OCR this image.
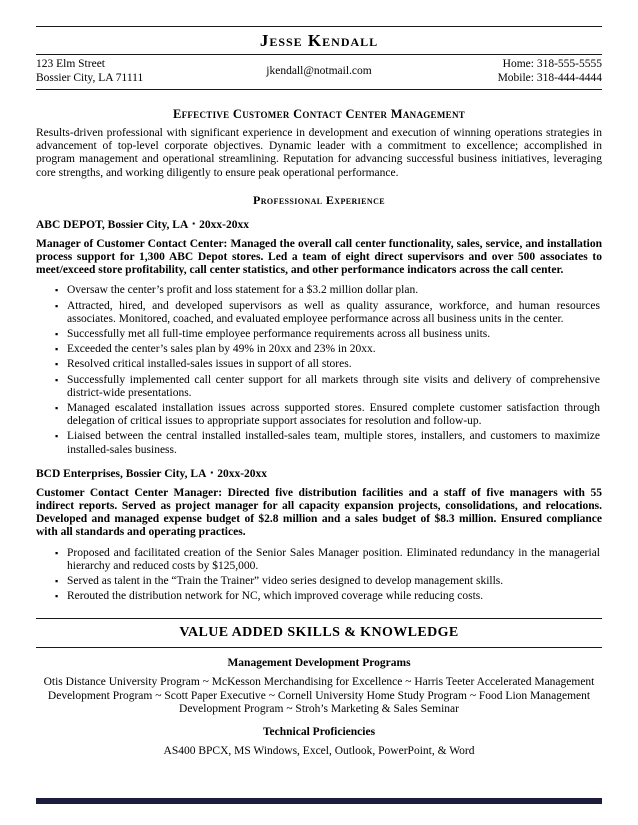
Jesse Kendall
123 Elm Street
Bossier City, LA 71111
jkendall@notmail.com
Home: 318-555-5555
Mobile: 318-444-4444
Effective Customer Contact Center Management

Results-driven professional with significant experience in development and execution of winning operations strategies in advancement of top-level corporate objectives. Dynamic leader with a commitment to excellence; accomplished in program management and operational streamlining. Reputation for advancing successful business initiatives, leveraging core strengths, and working diligently to ensure peak operational performance.

Professional Experience
ABC DEPOT, Bossier City, LA ▪ 20xx-20xx

Manager of Customer Contact Center: Managed the overall call center functionality, sales, service, and installation process support for 1,300 ABC Depot stores. Led a team of eight direct supervisors and over 500 associates to meet/exceed store profitability, call center statistics, and other performance indicators across the call center.

▪ Oversaw the center’s profit and loss statement for a $3.2 million dollar plan.
▪ Attracted, hired, and developed supervisors as well as quality assurance, workforce, and human resources associates. Monitored, coached, and evaluated employee performance across all business units in the center.
▪ Successfully met all full-time employee performance requirements across all business units.
▪ Exceeded the center’s sales plan by 49% in 20xx and 23% in 20xx.
▪ Resolved critical installed-sales issues in support of all stores.
▪ Successfully implemented call center support for all markets through site visits and delivery of comprehensive district-wide presentations.
▪ Managed escalated installation issues across supported stores. Ensured complete customer satisfaction through delegation of critical issues to appropriate support associates for resolution and follow-up.
▪ Liaised between the central installed installed-sales team, multiple stores, installers, and customers to maximize installed-sales business.
BCD Enterprises, Bossier City, LA ▪ 20xx-20xx

Customer Contact Center Manager: Directed five distribution facilities and a staff of five managers with 55 indirect reports. Served as project manager for all capacity expansion projects, consolidations, and relocations. Developed and managed expense budget of $2.8 million and a sales budget of $8.3 million. Ensured compliance with all standards and operating practices.

▪ Proposed and facilitated creation of the Senior Sales Manager position. Eliminated redundancy in the managerial hierarchy and reduced costs by $125,000.
▪ Served as talent in the “Train the Trainer” video series designed to develop management skills.
▪ Rerouted the distribution network for NC, which improved coverage while reducing costs.
VALUE ADDED SKILLS & KNOWLEDGE
Management Development Programs

Otis Distance University Program ~ McKesson Merchandising for Excellence ~ Harris Teeter Accelerated Management Development Program ~ Scott Paper Executive ~ Cornell University Home Study Program ~ Food Lion Management Development Program ~ Stroh’s Marketing & Sales Seminar

Technical Proficiencies

AS400 BPCX, MS Windows, Excel, Outlook, PowerPoint, & Word
